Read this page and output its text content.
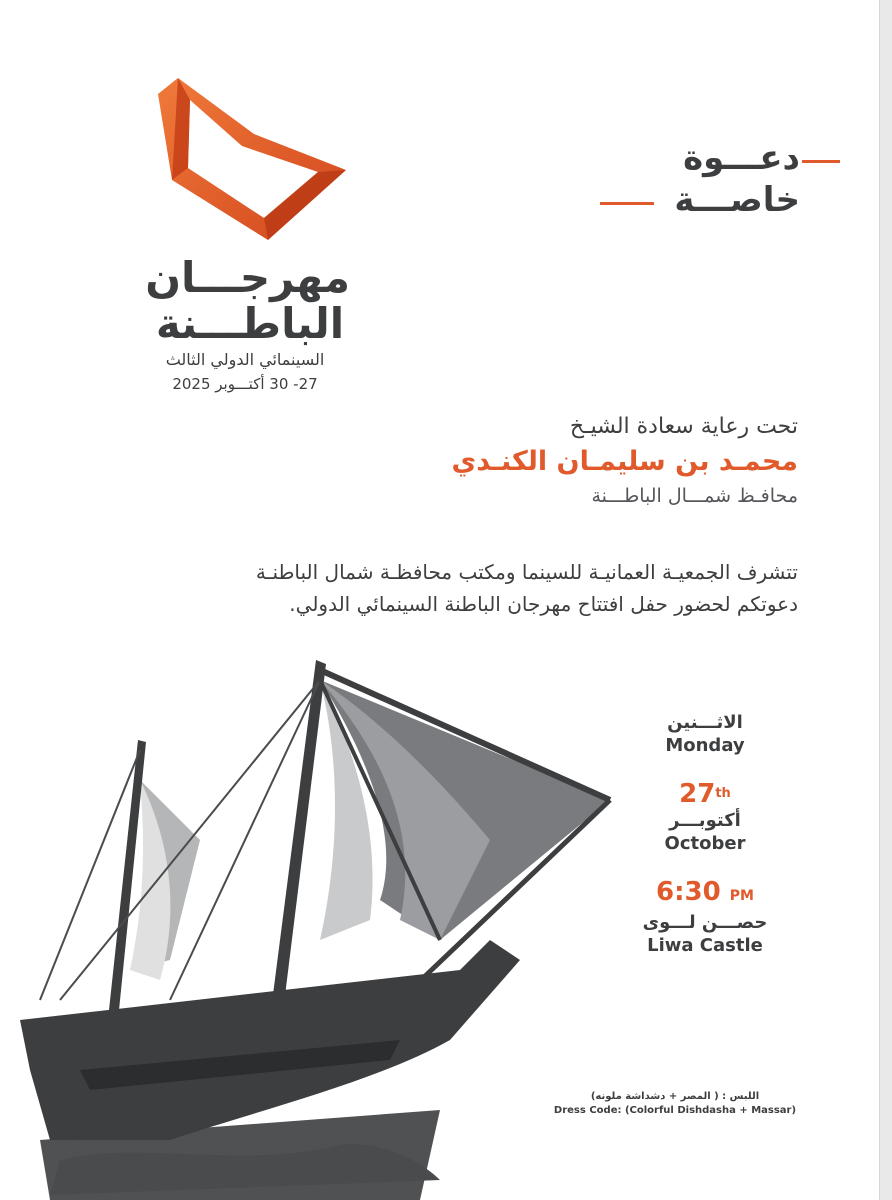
مهرجـــان
الباطـــنة
السينمائي الدولي الثالث
27- 30 أكتـــوبر 2025
دعـــوة
خاصـــة
تحت رعاية سعادة الشيـخ
محمـد بن سليمـان الكنـدي
محافـظ شمـــال الباطـــنة
تتشرف الجمعيـة العمانيـة للسينما ومكتب محافظـة شمال الباطنـة
دعوتكم لحضور حفل افتتاح مهرجان الباطنة السينمائي الدولي.
الاثـــنين
Monday
27th
أكتوبـــر
October
6:30 PM
حصـــن لـــوى
Liwa Castle
اللبس : ( المصر + دشداشة ملونه)
Dress Code: (Colorful Dishdasha + Massar)
